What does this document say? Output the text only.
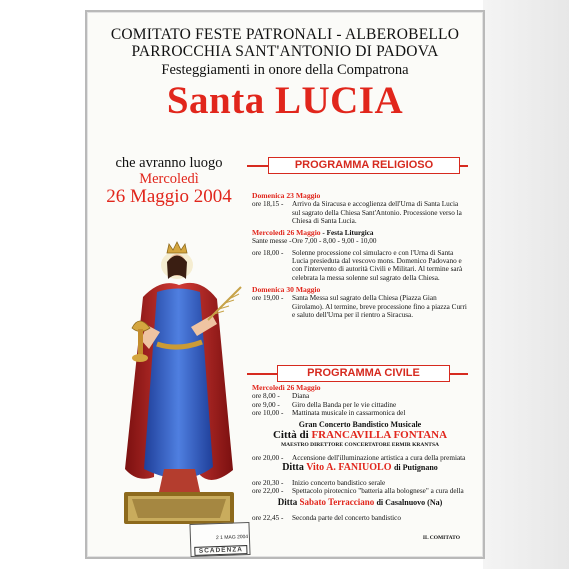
COMITATO FESTE PATRONALI - ALBEROBELLO
PARROCCHIA SANT'ANTONIO DI PADOVA
Festeggiamenti in onore della Compatrona
Santa LUCIA
che avranno luogo
Mercoledì
26 Maggio 2004
PROGRAMMA RELIGIOSO
Domenica 23 Maggio
ore 18,15 -	Arrivo da Siracusa e accoglienza dell'Urna di Santa Lucia sul sagrato della Chiesa Sant'Antonio. Processione verso la Chiesa di Santa Lucia.
Mercoledì 26 Maggio - Festa Liturgica
Sante messe - Ore 7,00 - 8,00 - 9,00 - 10,00
ore 18,00 -	Solenne processione col simulacro e con l'Urna di Santa Lucia presieduta dal vescovo mons. Domenico Padovano e con l'intervento di autorità Civili e Militari. Al termine sarà celebrata la messa solenne sul sagrato della Chiesa.
Domenica 30 Maggio
ore 19,00 -	Santa Messa sul sagrato della Chiesa (Piazza Gian Girolamo). Al termine, breve processione fino a piazza Curri e saluto dell'Urna per il rientro a Siracusa.
PROGRAMMA CIVILE
Mercoledì 26 Maggio
ore 8,00 -	Diana
ore 9,00 -	Giro della Banda per le vie cittadine
ore 10,00 -	Mattinata musicale in cassarmonica del
Gran Concerto Bandistico Musicale
Città di FRANCAVILLA FONTANA
MAESTRO DIRETTORE CONCERTATORE ERMIR KRANTSA
ore 20,00 -	Accensione dell'illuminazione artistica a cura della premiata
Ditta Vito A. FANIUOLO di Putignano
ore 20,30 -	Inizio concerto bandistico serale
ore 22,00 -	Spettacolo pirotecnico "batteria alla bolognese" a cura della
Ditta Sabato Terracciano di Casalnuovo (Na)
ore 22,45 -	Seconda parte del concerto bandistico
2 1 MAG 2004
SCADENZA
IL COMITATO
